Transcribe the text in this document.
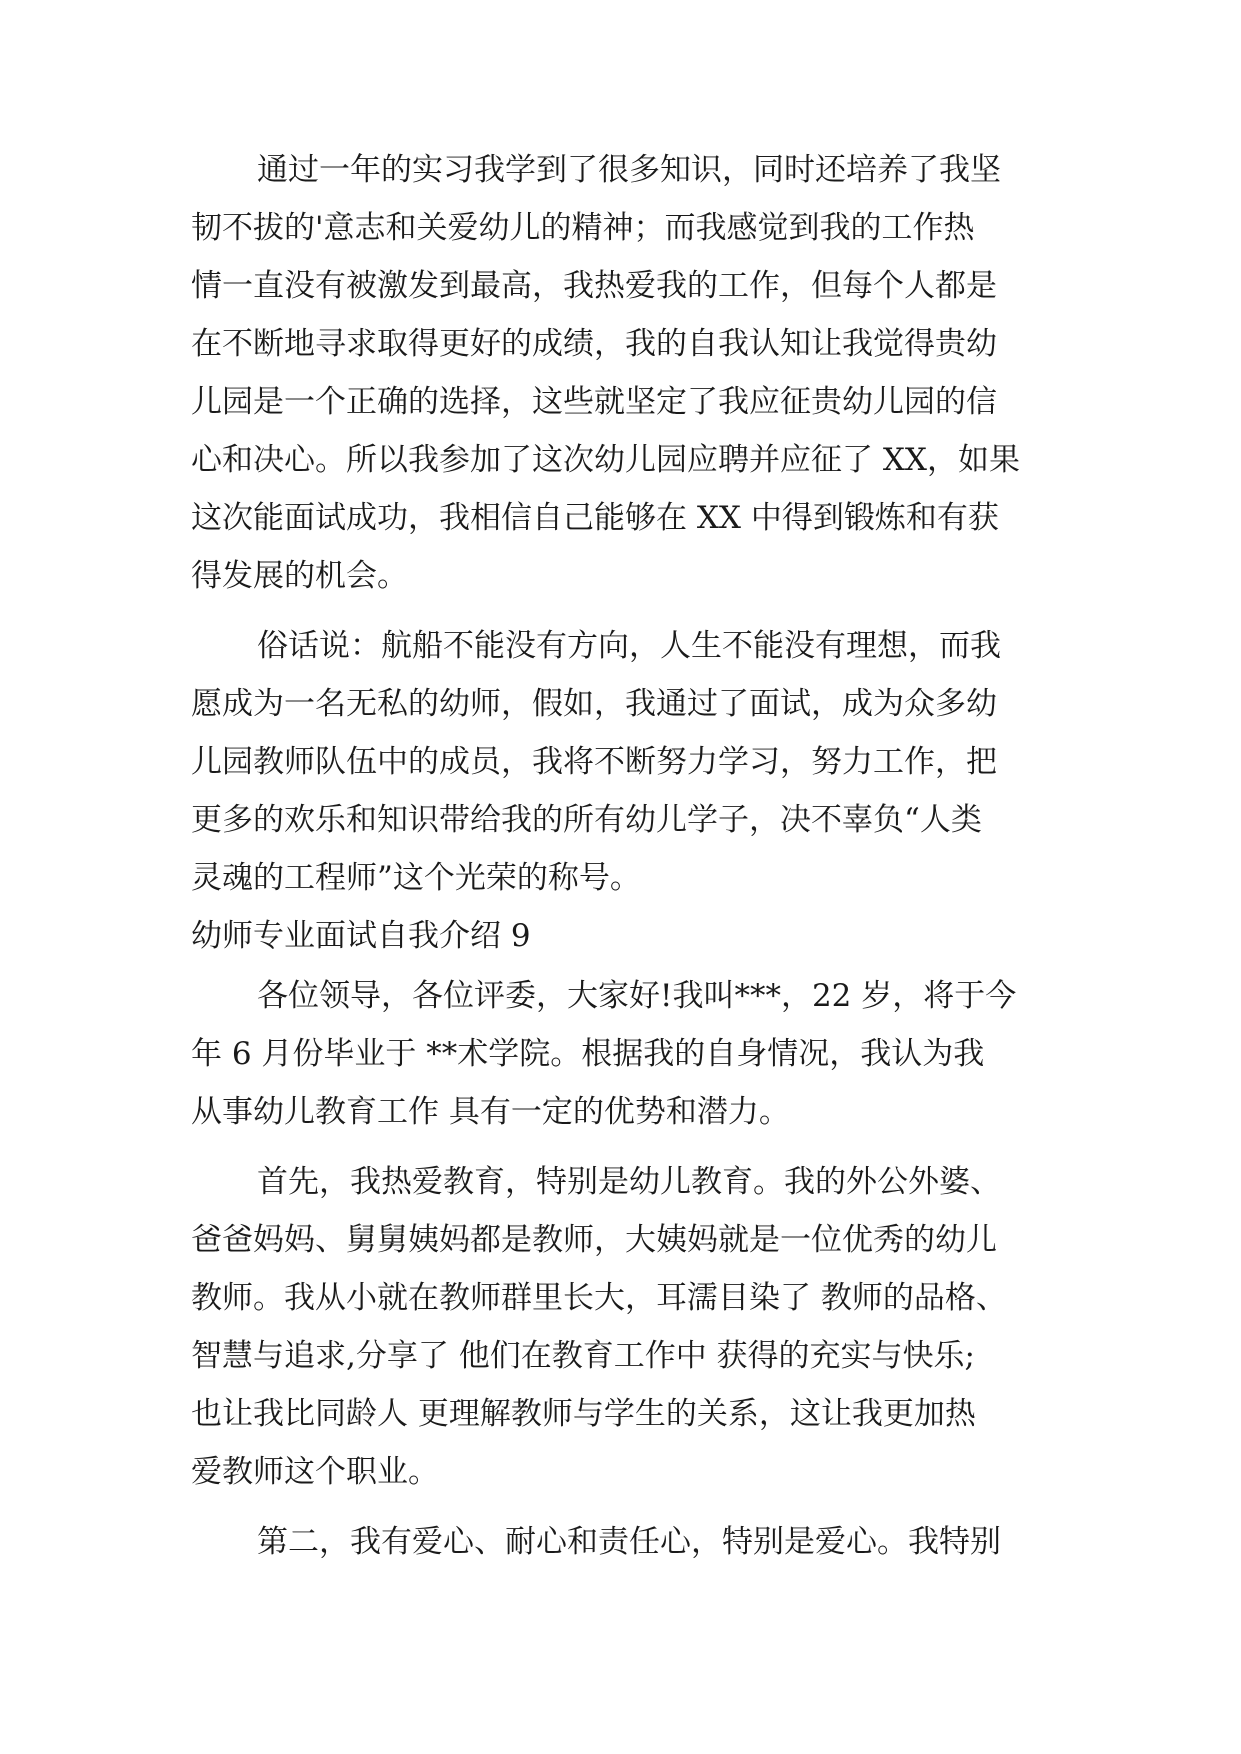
通过一年的实习我学到了很多知识，同时还培养了我坚

韧不拔的'意志和关爱幼儿的精神；而我感觉到我的工作热

情一直没有被激发到最高，我热爱我的工作，但每个人都是

在不断地寻求取得更好的成绩，我的自我认知让我觉得贵幼

儿园是一个正确的选择，这些就坚定了我应征贵幼儿园的信

心和决心。所以我参加了这次幼儿园应聘并应征了 XX，如果

这次能面试成功，我相信自己能够在 XX 中得到锻炼和有获

得发展的机会。

俗话说：航船不能没有方向，人生不能没有理想，而我

愿成为一名无私的幼师，假如，我通过了面试，成为众多幼

儿园教师队伍中的成员，我将不断努力学习，努力工作，把

更多的欢乐和知识带给我的所有幼儿学子，决不辜负“人类

灵魂的工程师”这个光荣的称号。

幼师专业面试自我介绍 9

各位领导，各位评委，大家好!我叫***，22 岁，将于今

年 6 月份毕业于 **术学院。根据我的自身情况，我认为我

从事幼儿教育工作 具有一定的优势和潜力。

首先，我热爱教育，特别是幼儿教育。我的外公外婆、

爸爸妈妈、舅舅姨妈都是教师，大姨妈就是一位优秀的幼儿

教师。我从小就在教师群里长大，耳濡目染了 教师的品格、

智慧与追求,分享了 他们在教育工作中 获得的充实与快乐;

也让我比同龄人 更理解教师与学生的关系，这让我更加热

爱教师这个职业。

第二，我有爱心、耐心和责任心，特别是爱心。我特别
